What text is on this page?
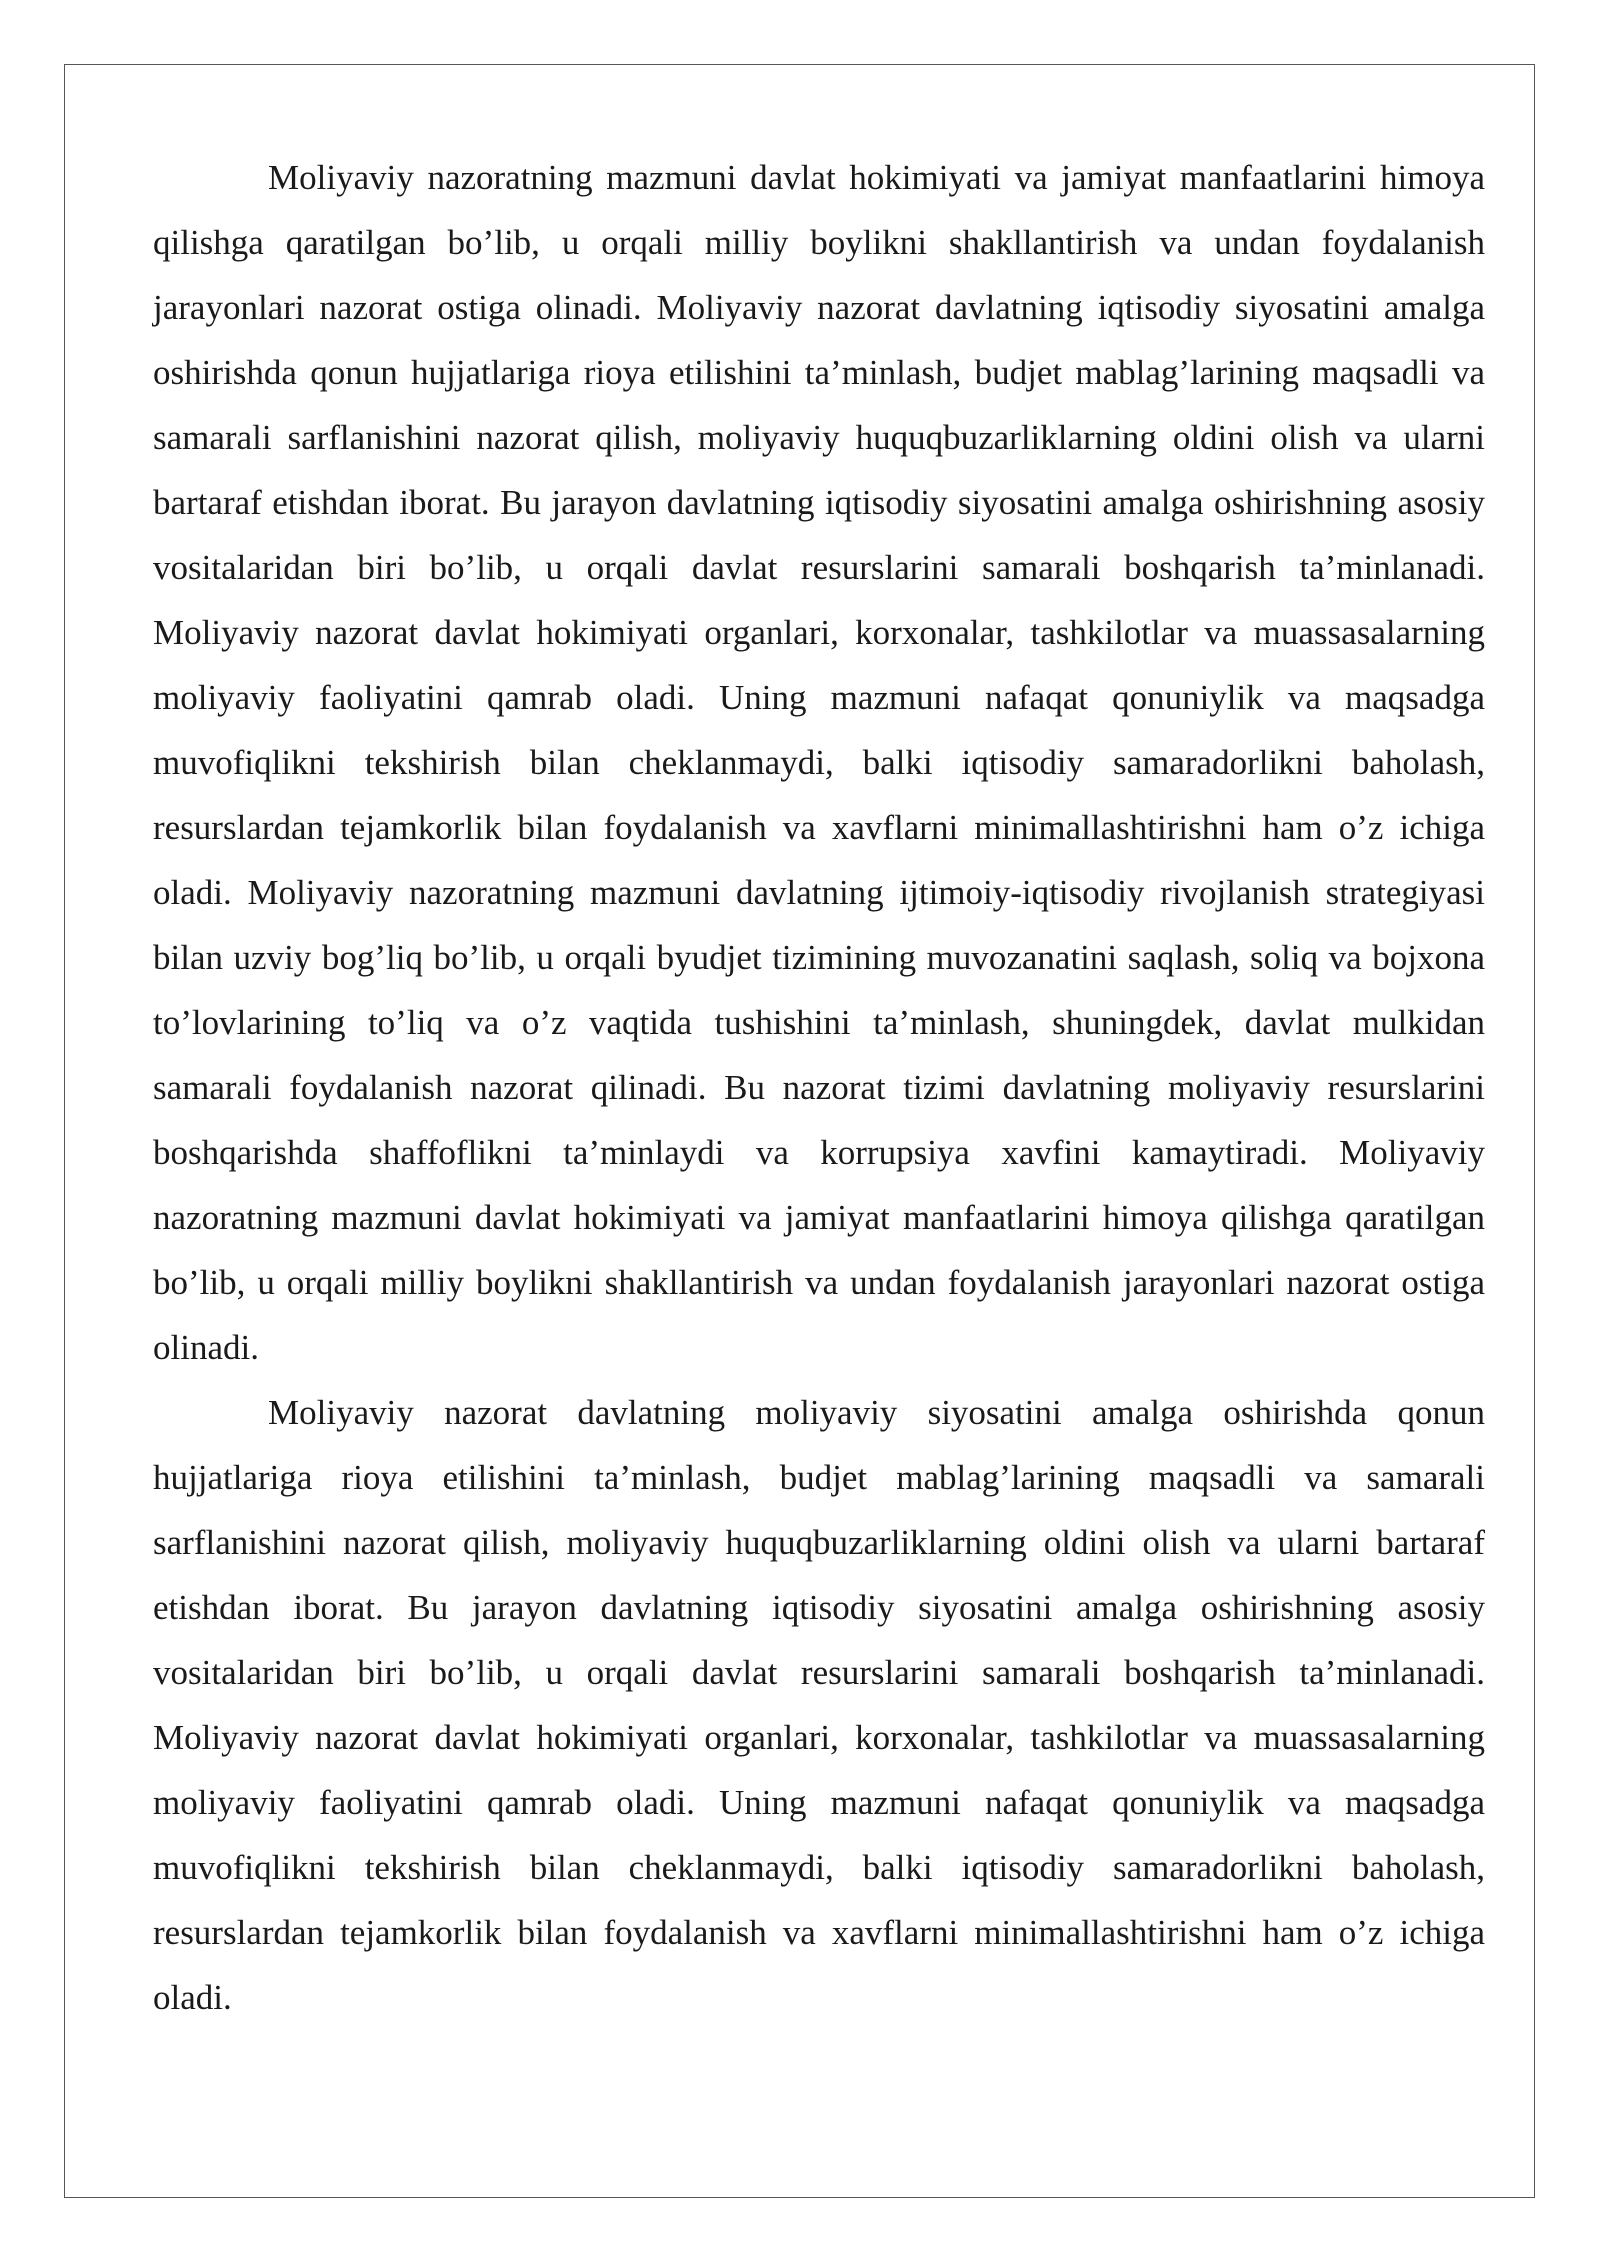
Moliyaviy nazoratning mazmuni davlat hokimiyati va jamiyat manfaatlarini himoya qilishga qaratilgan bo’lib, u orqali milliy boylikni shakllantirish va undan foydalanish jarayonlari nazorat ostiga olinadi. Moliyaviy nazorat davlatning iqtisodiy siyosatini amalga oshirishda qonun hujjatlariga rioya etilishini ta’minlash, budjet mablag’larining maqsadli va samarali sarflanishini nazorat qilish, moliyaviy huquqbuzarliklarning oldini olish va ularni bartaraf etishdan iborat. Bu jarayon davlatning iqtisodiy siyosatini amalga oshirishning asosiy vositalaridan biri bo’lib, u orqali davlat resurslarini samarali boshqarish ta’minlanadi. Moliyaviy nazorat davlat hokimiyati organlari, korxonalar, tashkilotlar va muassasalarning moliyaviy faoliyatini qamrab oladi. Uning mazmuni nafaqat qonuniylik va maqsadga muvofiqlikni tekshirish bilan cheklanmaydi, balki iqtisodiy samaradorlikni baholash, resurslardan tejamkorlik bilan foydalanish va xavflarni minimallashtirishni ham o’z ichiga oladi. Moliyaviy nazoratning mazmuni davlatning ijtimoiy-iqtisodiy rivojlanish strategiyasi bilan uzviy bog’liq bo’lib, u orqali byudjet tizimining muvozanatini saqlash, soliq va bojxona to’lovlarining to’liq va o’z vaqtida tushishini ta’minlash, shuningdek, davlat mulkidan samarali foydalanish nazorat qilinadi. Bu nazorat tizimi davlatning moliyaviy resurslarini boshqarishda shaffoflikni ta’minlaydi va korrupsiya xavfini kamaytiradi. Moliyaviy nazoratning mazmuni davlat hokimiyati va jamiyat manfaatlarini himoya qilishga qaratilgan bo’lib, u orqali milliy boylikni shakllantirish va undan foydalanish jarayonlari nazorat ostiga olinadi.

Moliyaviy nazorat davlatning moliyaviy siyosatini amalga oshirishda qonun hujjatlariga rioya etilishini ta’minlash, budjet mablag’larining maqsadli va samarali sarflanishini nazorat qilish, moliyaviy huquqbuzarliklarning oldini olish va ularni bartaraf etishdan iborat. Bu jarayon davlatning iqtisodiy siyosatini amalga oshirishning asosiy vositalaridan biri bo’lib, u orqali davlat resurslarini samarali boshqarish ta’minlanadi. Moliyaviy nazorat davlat hokimiyati organlari, korxonalar, tashkilotlar va muassasalarning moliyaviy faoliyatini qamrab oladi. Uning mazmuni nafaqat qonuniylik va maqsadga muvofiqlikni tekshirish bilan cheklanmaydi, balki iqtisodiy samaradorlikni baholash, resurslardan tejamkorlik bilan foydalanish va xavflarni minimallashtirishni ham o’z ichiga oladi.
